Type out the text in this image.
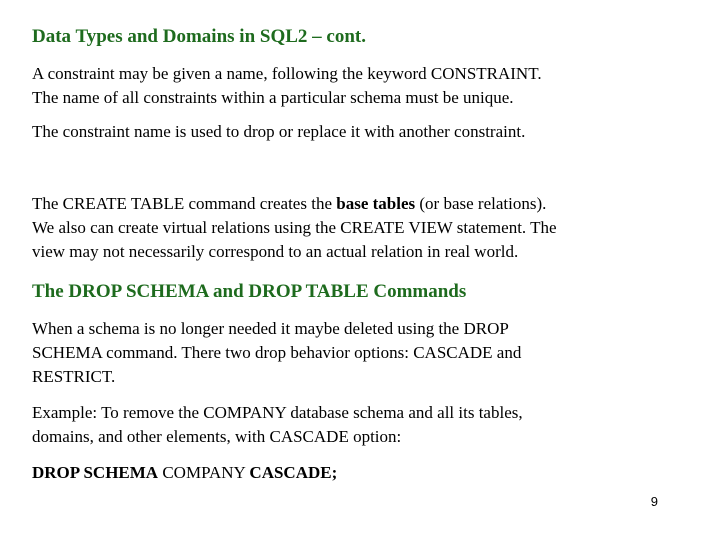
Data Types and Domains in SQL2 – cont.

A constraint may be given a name, following the keyword CONSTRAINT.
The name of all constraints within a particular schema must be unique.

The constraint name is used to drop or replace it with another constraint.

The CREATE TABLE command creates the base tables (or base relations).
We also can create virtual relations using the CREATE VIEW statement. The
view may not necessarily correspond to an actual relation in real world.

The DROP SCHEMA and DROP TABLE Commands

When a schema is no longer needed it maybe deleted using the DROP
SCHEMA command. There two drop behavior options: CASCADE and
RESTRICT.

Example: To remove the COMPANY database schema and all its tables,
domains, and other elements, with CASCADE option:

DROP SCHEMA COMPANY CASCADE;

9
